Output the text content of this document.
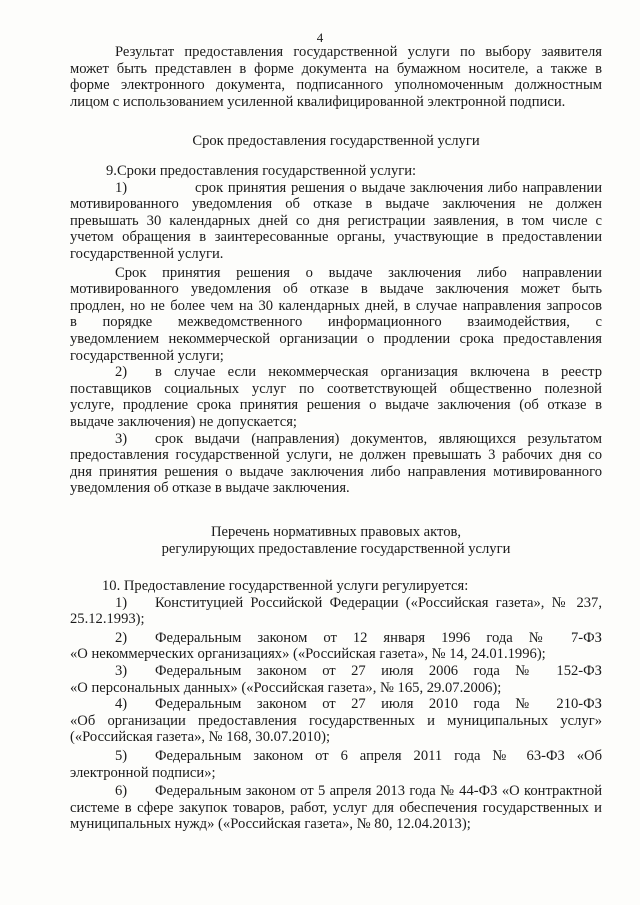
4
Результат предоставления государственной услуги по выбору заявителя
может быть представлен в форме документа на бумажном носителе, а также в
форме электронного документа, подписанного уполномоченным должностным
лицом с использованием усиленной квалифицированной электронной подписи.
Срок предоставления государственной услуги
9.Сроки предоставления государственной услуги:
1)	срок принятия решения о выдаче заключения либо направлении
мотивированного уведомления об отказе в выдаче заключения не должен
превышать 30 календарных дней со дня регистрации заявления, в том числе с
учетом обращения в заинтересованные органы, участвующие в предоставлении
государственной услуги.
Срок принятия решения о выдаче заключения либо направлении
мотивированного уведомления об отказе в выдаче заключения может быть
продлен, но не более чем на 30 календарных дней, в случае направления запросов
в порядке межведомственного информационного взаимодействия, с
уведомлением некоммерческой организации о продлении срока предоставления
государственной услуги;
2) в случае если некоммерческая организация включена в реестр
поставщиков социальных услуг по соответствующей общественно полезной
услуге, продление срока принятия решения о выдаче заключения (об отказе в
выдаче заключения) не допускается;
3) срок выдачи (направления) документов, являющихся результатом
предоставления государственной услуги, не должен превышать 3 рабочих дня со
дня принятия решения о выдаче заключения либо направления мотивированного
уведомления об отказе в выдаче заключения.
Перечень нормативных правовых актов,
регулирующих предоставление государственной услуги
10. Предоставление государственной услуги регулируется:
1) Конституцией Российской Федерации («Российская газета», № 237,
25.12.1993);
2) Федеральным законом от 12 января 1996 года № 7-ФЗ
«О некоммерческих организациях» («Российская газета», № 14, 24.01.1996);
3) Федеральным законом от 27 июля 2006 года № 152-ФЗ
«О персональных данных» («Российская газета», № 165, 29.07.2006);
4) Федеральным законом от 27 июля 2010 года № 210-ФЗ
«Об организации предоставления государственных и муниципальных услуг»
(«Российская газета», № 168, 30.07.2010);
5) Федеральным законом от 6 апреля 2011 года № 63-ФЗ «Об
электронной подписи»;
6) Федеральным законом от 5 апреля 2013 года № 44-ФЗ «О контрактной
системе в сфере закупок товаров, работ, услуг для обеспечения государственных и
муниципальных нужд» («Российская газета», № 80, 12.04.2013);
